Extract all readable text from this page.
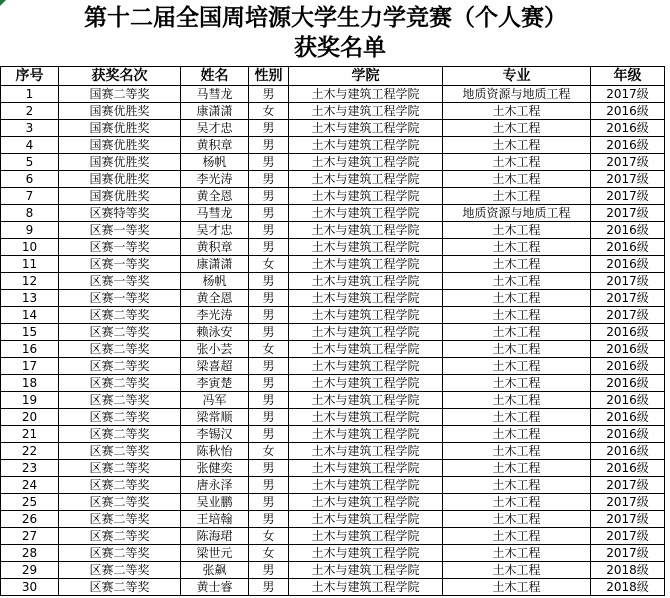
第十二届全国周培源大学生力学竞赛（个人赛）
获奖名单
序号	获奖名次	姓名	性别	学院	专业	年级
1	国赛二等奖	马彗龙	男	土木与建筑工程学院	地质资源与地质工程	2017级
2	国赛优胜奖	康潇潇	女	土木与建筑工程学院	土木工程	2016级
3	国赛优胜奖	吴才忠	男	土木与建筑工程学院	土木工程	2016级
4	国赛优胜奖	黄积章	男	土木与建筑工程学院	土木工程	2016级
5	国赛优胜奖	杨帆	男	土木与建筑工程学院	土木工程	2017级
6	国赛优胜奖	李光涛	男	土木与建筑工程学院	土木工程	2017级
7	国赛优胜奖	黄全恩	男	土木与建筑工程学院	土木工程	2017级
8	区赛特等奖	马彗龙	男	土木与建筑工程学院	地质资源与地质工程	2017级
9	区赛一等奖	吴才忠	男	土木与建筑工程学院	土木工程	2016级
10	区赛一等奖	黄积章	男	土木与建筑工程学院	土木工程	2016级
11	区赛一等奖	康潇潇	女	土木与建筑工程学院	土木工程	2016级
12	区赛一等奖	杨帆	男	土木与建筑工程学院	土木工程	2017级
13	区赛一等奖	黄全恩	男	土木与建筑工程学院	土木工程	2017级
14	区赛二等奖	李光涛	男	土木与建筑工程学院	土木工程	2017级
15	区赛二等奖	赖泳安	男	土木与建筑工程学院	土木工程	2016级
16	区赛二等奖	张小芸	女	土木与建筑工程学院	土木工程	2016级
17	区赛二等奖	梁喜超	男	土木与建筑工程学院	土木工程	2016级
18	区赛二等奖	李寅楚	男	土木与建筑工程学院	土木工程	2016级
19	区赛二等奖	冯军	男	土木与建筑工程学院	土木工程	2016级
20	区赛二等奖	梁常顺	男	土木与建筑工程学院	土木工程	2016级
21	区赛二等奖	李锡汉	男	土木与建筑工程学院	土木工程	2016级
22	区赛二等奖	陈秋怡	女	土木与建筑工程学院	土木工程	2016级
23	区赛二等奖	张健奕	男	土木与建筑工程学院	土木工程	2016级
24	区赛二等奖	唐永泽	男	土木与建筑工程学院	土木工程	2017级
25	区赛二等奖	吴业鹏	男	土木与建筑工程学院	土木工程	2017级
26	区赛二等奖	王培翰	男	土木与建筑工程学院	土木工程	2017级
27	区赛二等奖	陈海珺	女	土木与建筑工程学院	土木工程	2017级
28	区赛二等奖	梁世元	女	土木与建筑工程学院	土木工程	2017级
29	区赛二等奖	张飙	男	土木与建筑工程学院	土木工程	2018级
30	区赛二等奖	黄士睿	男	土木与建筑工程学院	土木工程	2018级
